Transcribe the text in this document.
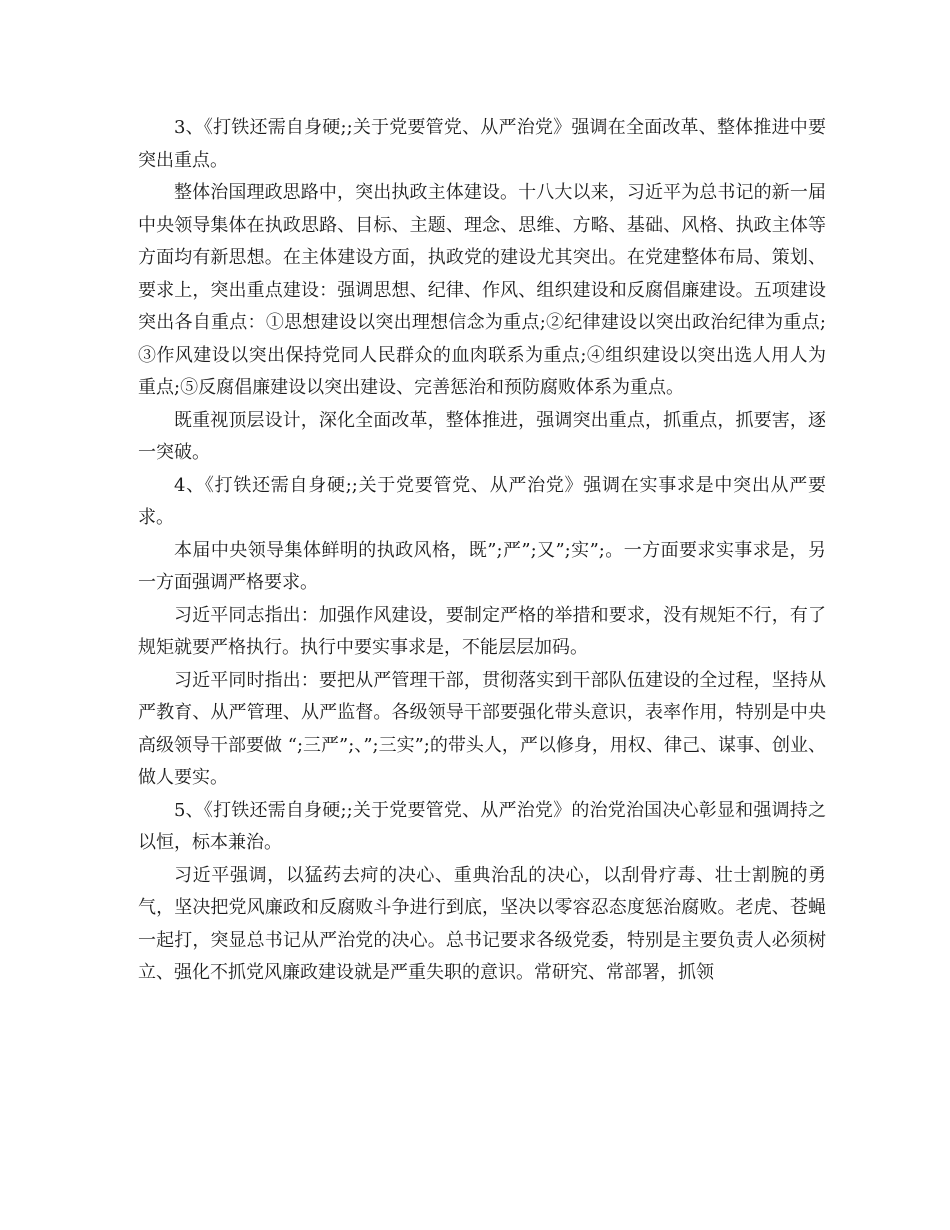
3、《打铁还需自身硬;;关于党要管党、从严治党》强调在全面改革、整体推进中要突出重点。

整体治国理政思路中，突出执政主体建设。十八大以来，习近平为总书记的新一届中央领导集体在执政思路、目标、主题、理念、思维、方略、基础、风格、执政主体等方面均有新思想。在主体建设方面，执政党的建设尤其突出。在党建整体布局、策划、要求上，突出重点建设：强调思想、纪律、作风、组织建设和反腐倡廉建设。五项建设突出各自重点：①思想建设以突出理想信念为重点;②纪律建设以突出政治纪律为重点;③作风建设以突出保持党同人民群众的血肉联系为重点;④组织建设以突出选人用人为重点;⑤反腐倡廉建设以突出建设、完善惩治和预防腐败体系为重点。

既重视顶层设计，深化全面改革，整体推进，强调突出重点，抓重点，抓要害，逐一突破。

4、《打铁还需自身硬;;关于党要管党、从严治党》强调在实事求是中突出从严要求。

本届中央领导集体鲜明的执政风格，既”;严”;又”;实”;。一方面要求实事求是，另一方面强调严格要求。

习近平同志指出：加强作风建设，要制定严格的举措和要求，没有规矩不行，有了规矩就要严格执行。执行中要实事求是，不能层层加码。

习近平同时指出：要把从严管理干部，贯彻落实到干部队伍建设的全过程，坚持从严教育、从严管理、从严监督。各级领导干部要强化带头意识，表率作用，特别是中央高级领导干部要做 “;三严”;、”;三实”;的带头人，严以修身，用权、律己、谋事、创业、做人要实。

5、《打铁还需自身硬;;关于党要管党、从严治党》的治党治国决心彰显和强调持之以恒，标本兼治。

习近平强调，以猛药去疴的决心、重典治乱的决心，以刮骨疗毒、壮士割腕的勇气，坚决把党风廉政和反腐败斗争进行到底，坚决以零容忍态度惩治腐败。老虎、苍蝇一起打，突显总书记从严治党的决心。总书记要求各级党委，特别是主要负责人必须树立、强化不抓党风廉政建设就是严重失职的意识。常研究、常部署，抓领
